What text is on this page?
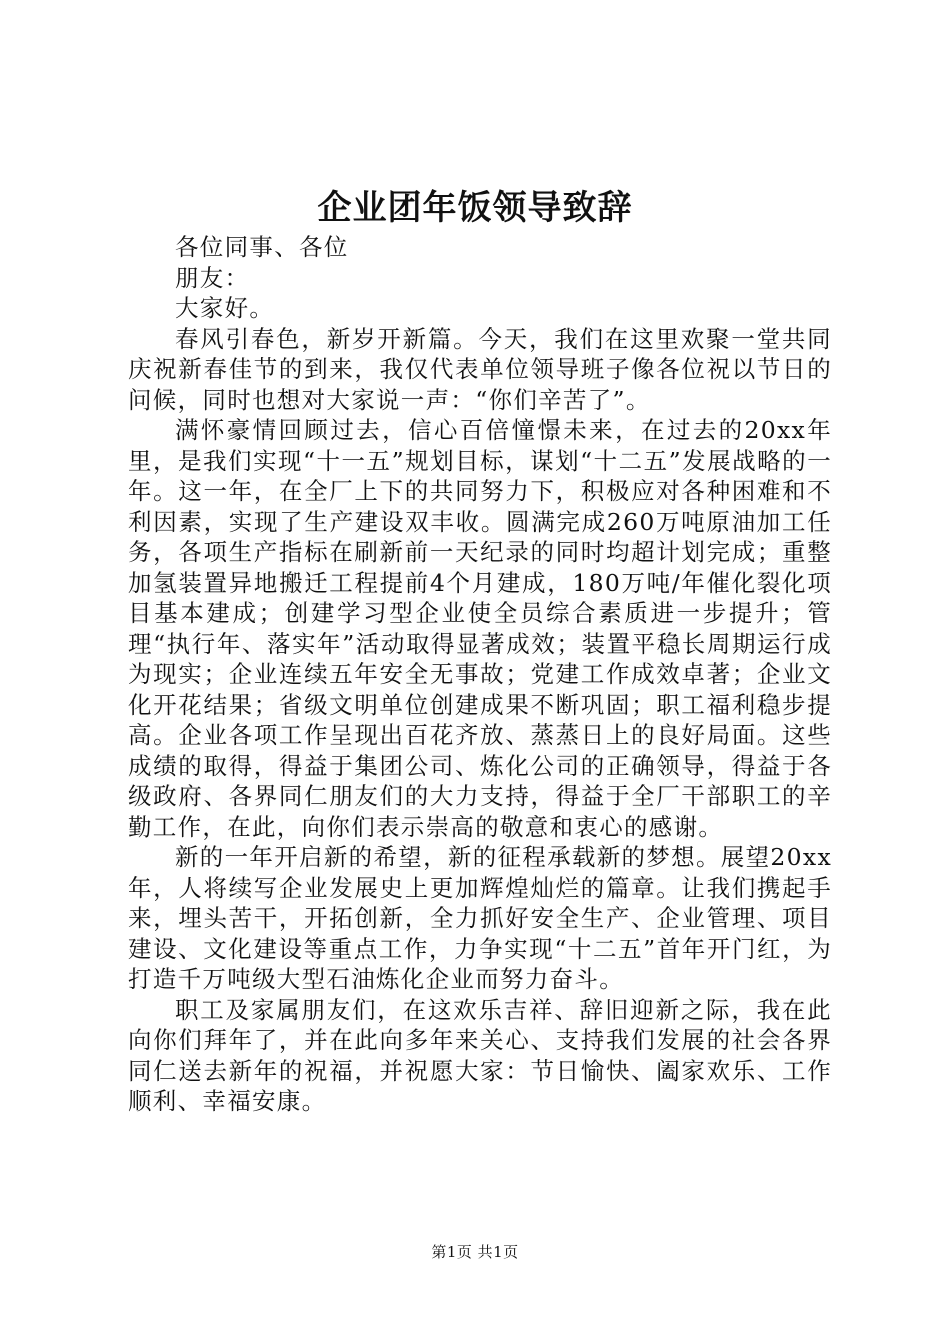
企业团年饭领导致辞

各位同事、各位

朋友：

大家好。

春风引春色，新岁开新篇。今天，我们在这里欢聚一堂共同庆祝新春佳节的到来，我仅代表单位领导班子像各位祝以节日的问候，同时也想对大家说一声：“你们辛苦了”。

满怀豪情回顾过去，信心百倍憧憬未来，在过去的20xx年里，是我们实现“十一五”规划目标，谋划“十二五”发展战略的一年。这一年，在全厂上下的共同努力下，积极应对各种困难和不利因素，实现了生产建设双丰收。圆满完成260万吨原油加工任务，各项生产指标在刷新前一天纪录的同时均超计划完成；重整加氢装置异地搬迁工程提前4个月建成，180万吨/年催化裂化项目基本建成；创建学习型企业使全员综合素质进一步提升；管理“执行年、落实年”活动取得显著成效；装置平稳长周期运行成为现实；企业连续五年安全无事故；党建工作成效卓著；企业文化开花结果；省级文明单位创建成果不断巩固；职工福利稳步提高。企业各项工作呈现出百花齐放、蒸蒸日上的良好局面。这些成绩的取得，得益于集团公司、炼化公司的正确领导，得益于各级政府、各界同仁朋友们的大力支持，得益于全厂干部职工的辛勤工作，在此，向你们表示崇高的敬意和衷心的感谢。

新的一年开启新的希望，新的征程承载新的梦想。展望20xx年，人将续写企业发展史上更加辉煌灿烂的篇章。让我们携起手来，埋头苦干，开拓创新，全力抓好安全生产、企业管理、项目建设、文化建设等重点工作，力争实现“十二五”首年开门红，为打造千万吨级大型石油炼化企业而努力奋斗。

职工及家属朋友们，在这欢乐吉祥、辞旧迎新之际，我在此向你们拜年了，并在此向多年来关心、支持我们发展的社会各界同仁送去新年的祝福，并祝愿大家：节日愉快、阖家欢乐、工作顺利、幸福安康。

第1页 共1页
